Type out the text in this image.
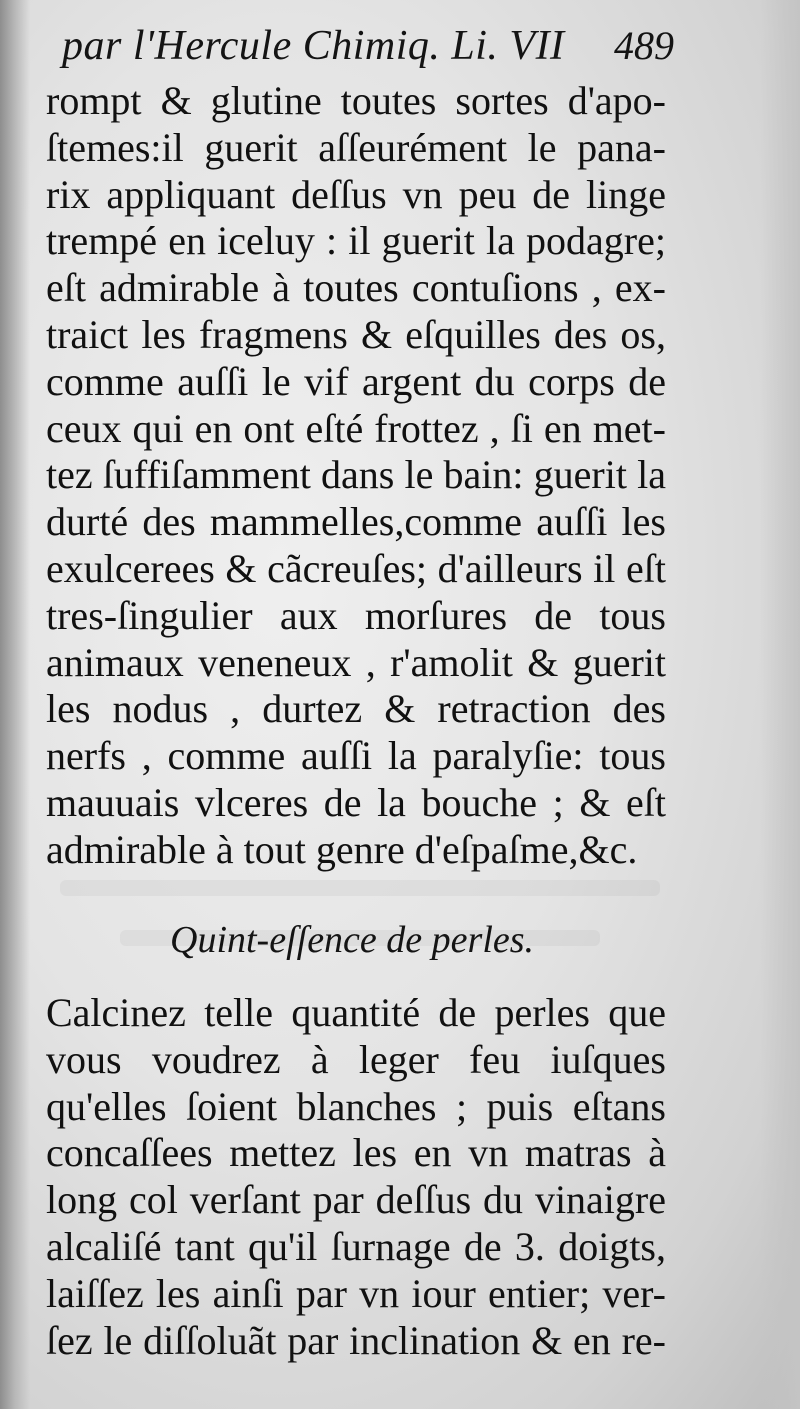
par l'Hercule Chimiq. Li. VII 489
rompt & glutine toutes sortes d'apo-
ſtemes:il guerit aſſeurément le pana-
rix appliquant deſſus vn peu de linge
trempé en iceluy : il guerit la podagre;
eſt admirable à toutes contuſions , ex-
traict les fragmens & eſquilles des os,
comme auſſi le vif argent du corps de
ceux qui en ont eſté frottez , ſi en met-
tez ſuffiſamment dans le bain: guerit la
durté des mammelles,comme auſſi les
exulcerees & cãcreuſes; d'ailleurs il eſt
tres-ſingulier aux morſures de tous
animaux veneneux , r'amolit & guerit
les nodus , durtez & retraction des
nerfs , comme auſſi la paralyſie: tous
mauuais vlceres de la bouche ; & eſt
admirable à tout genre d'eſpaſme,&c.
Quint-eſſence de perles.
Calcinez telle quantité de perles que
vous voudrez à leger feu iuſques
qu'elles ſoient blanches ; puis eſtans
concaſſees mettez les en vn matras à
long col verſant par deſſus du vinaigre
alcaliſé tant qu'il ſurnage de 3. doigts,
laiſſez les ainſi par vn iour entier; ver-
ſez le diſſoluãt par inclination & en re-
